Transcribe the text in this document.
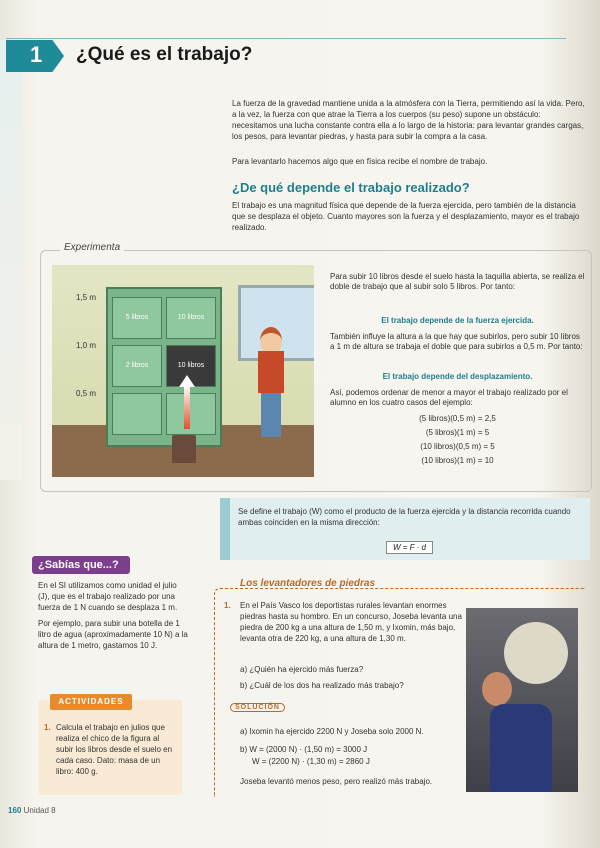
1 ¿Qué es el trabajo?
La fuerza de la gravedad mantiene unida a la atmósfera con la Tierra, permitiendo así la vida. Pero, a la vez, la fuerza con que atrae la Tierra a los cuerpos (su peso) supone un obstáculo: necesitamos una lucha constante contra ella a lo largo de la historia: para levantar grandes cargas, los pesos, para levantar piedras, y hasta para subir la compra a la casa.
Para levantarlo hacemos algo que en física recibe el nombre de trabajo.
¿De qué depende el trabajo realizado?
El trabajo es una magnitud física que depende de la fuerza ejercida, pero también de la distancia que se desplaza el objeto. Cuanto mayores son la fuerza y el desplazamiento, mayor es el trabajo realizado.
Experimenta
5 libros	10 libros
2 libros	10 libros
1,5 m
1,0 m
0,5 m
Para subir 10 libros desde el suelo hasta la taquilla abierta, se realiza el doble de trabajo que al subir solo 5 libros. Por tanto:
El trabajo depende de la fuerza ejercida.
También influye la altura a la que hay que subirlos, pero subir 10 libros a 1 m de altura se trabaja el doble que para subirlos a 0,5 m. Por tanto:
El trabajo depende del desplazamiento.
Así, podemos ordenar de menor a mayor el trabajo realizado por el alumno en los cuatro casos del ejemplo:
(5 libros)(0,5 m) = 2,5
(5 libros)(1 m) = 5
(10 libros)(0,5 m) = 5
(10 libros)(1 m) = 10
Se define el trabajo (W) como el producto de la fuerza ejercida y la distancia recorrida cuando ambas coinciden en la misma dirección:
W = F · d
¿Sabías que...?
En el SI utilizamos como unidad el julio (J), que es el trabajo realizado por una fuerza de 1 N cuando se desplaza 1 m.
Por ejemplo, para subir una botella de 1 litro de agua (aproximadamente 10 N) a la altura de 1 metro, gastamos 10 J.
ACTIVIDADES
1. Calcula el trabajo en julios que realiza el chico de la figura al subir los libros desde el suelo en cada caso. Dato: masa de un libro: 400 g.
Los levantadores de piedras
1.	En el País Vasco los deportistas rurales levantan enormes piedras hasta su hombro. En un concurso, Joseba levanta una piedra de 200 kg a una altura de 1,50 m, y Ixomin, más bajo, levanta otra de 220 kg, a una altura de 1,30 m.
a) ¿Quién ha ejercido más fuerza?
b) ¿Cuál de los dos ha realizado más trabajo?
SOLUCIÓN
a) Ixomin ha ejercido 2200 N y Joseba solo 2000 N.
b) W = (2000 N) · (1,50 m) = 3000 J
W = (2200 N) · (1,30 m) = 2860 J
Joseba levantó menos peso, pero realizó más trabajo.
160 Unidad 8
